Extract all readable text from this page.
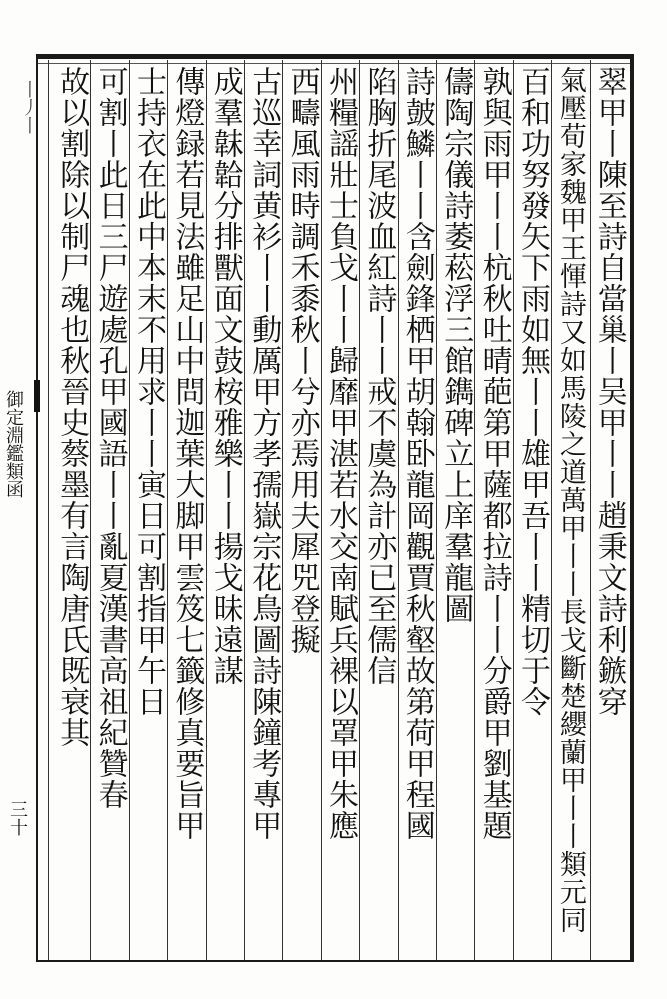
丨丿丨
御定淵鑑類函
三十
翠甲丨陳至詩自當巢丨吴甲丨丨趙秉文詩利鏃穿
氣壓荀家魏甲王惲詩又如馬陵之道萬甲丨丨長戈斷楚纓蘭甲丨丨類元同
百和功努發矢下雨如無丨丨雄甲吾丨丨精切于令
孰與雨甲丨丨杭秋吐晴葩第甲薩都拉詩丨丨分爵甲劉基題
儔陶宗儀詩萎菘浮三館鐫碑立上庠羣龍圖
詩皷鱗丨丨含劍鋒栖甲胡翰卧龍岡觀賈秋壑故第荷甲程國
陷胸折尾波血紅詩丨丨戒不虞為計亦已至儒信
州糧謡壯士負戈丨丨歸靡甲湛若水交南賦兵裸以罩甲朱應
西疇風雨時調禾黍秋丨兮亦焉用夫犀兕登擬
古巡幸詞黄衫丨丨動厲甲方孝孺嶽宗花鳥圖詩陳鐘考專甲
成羣韎韐分排獸面文鼓桉雅樂丨丨揚戈昧遠謀
傳燈録若見法雖足山中問迦葉大脚甲雲笈七籤修真要旨甲
士持衣在此中本末不用求丨丨寅日可割指甲午日
可割丨此日三尸遊處孔甲國語丨丨亂夏漢書高祖紀贊春
故以割除以制尸魂也秋晉史蔡墨有言陶唐氏既衰其
